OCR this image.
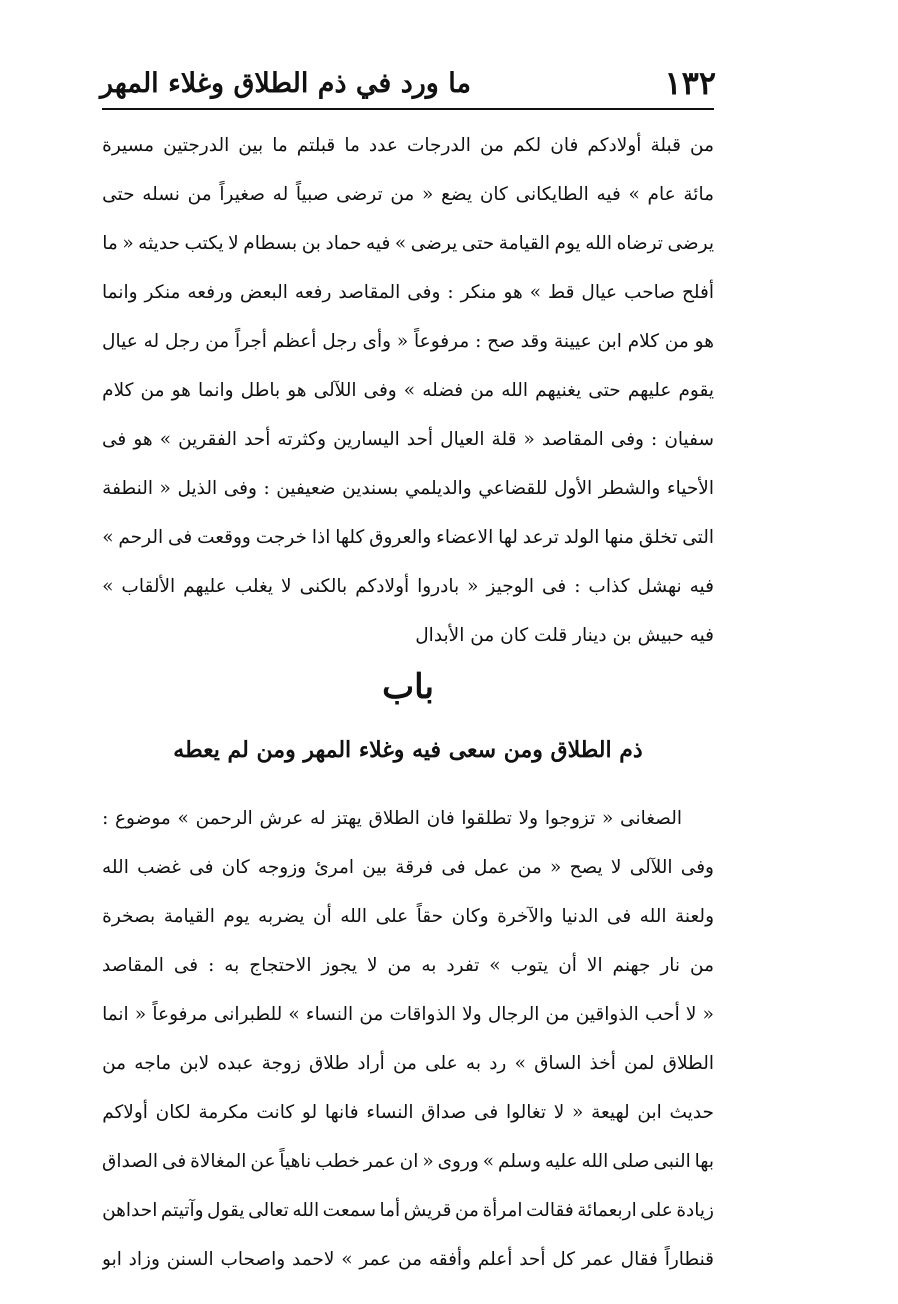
١٣٢
ما ورد في ذم الطلاق وغلاء المهر
من
قبلة
أولادكم
فان
لكم
من
الدرجات
عدد
ما
قبلتم
ما
بين
الدرجتين
مسيرة
مائة
عام
»
فيه
الطايكانى
كان
يضع
«
من
ترضى
صبياً
له
صغيراً
من
نسله
حتى
يرضى
ترضاه
الله
يوم
القيامة
حتى
يرضى
»
فيه
حماد
بن
بسطام
لا
يكتب
حديثه
«
ما
أفلح
صاحب
عيال
قط
»
هو
منكر
:
وفى
المقاصد
رفعه
البعض
ورفعه
منكر
وانما
هو
من
كلام
ابن
عيينة
وقد
صح
:
مرفوعاً
«
وأى
رجل
أعظم
أجراً
من
رجل
له
عيال
يقوم
عليهم
حتى
يغنيهم
الله
من
فضله
»
وفى
اللآلى
هو
باطل
وانما
هو
من
كلام
سفيان
:
وفى
المقاصد
«
قلة
العيال
أحد
اليسارين
وكثرته
أحد
الفقرين
»
هو
فى
الأحياء
والشطر
الأول
للقضاعي
والديلمي
بسندين
ضعيفين
:
وفى
الذيل
«
النطفة
التى
تخلق
منها
الولد
ترعد
لها
الاعضاء
والعروق
كلها
اذا
خرجت
ووقعت
فى
الرحم
»
فيه
نهشل
كذاب
:
فى
الوجيز
«
بادروا
أولادكم
بالكنى
لا
يغلب
عليهم
الألقاب
»
فيه حبيش بن دينار قلت كان من الأبدال
باب
ذم الطلاق ومن سعى فيه وغلاء المهر ومن لم يعطه
الصغانى
«
تزوجوا
ولا
تطلقوا
فان
الطلاق
يهتز
له
عرش
الرحمن
»
موضوع
:
وفى
اللآلى
لا
يصح
«
من
عمل
فى
فرقة
بين
امرئ
وزوجه
كان
فى
غضب
الله
ولعنة
الله
فى
الدنيا
والآخرة
وكان
حقاً
على
الله
أن
يضربه
يوم
القيامة
بصخرة
من
نار
جهنم
الا
أن
يتوب
»
تفرد
به
من
لا
يجوز
الاحتجاج
به
:
فى
المقاصد
«
لا
أحب
الذواقين
من
الرجال
ولا
الذواقات
من
النساء
»
للطبرانى
مرفوعاً
«
انما
الطلاق
لمن
أخذ
الساق
»
رد
به
على
من
أراد
طلاق
زوجة
عبده
لابن
ماجه
من
حديث
ابن
لهيعة
«
لا
تغالوا
فى
صداق
النساء
فانها
لو
كانت
مكرمة
لكان
أولاكم
بها
النبى
صلى
الله
عليه
وسلم
»
وروى
«
ان
عمر
خطب
ناهياً
عن
المغالاة
فى
الصداق
زيادة
على
اربعمائة
فقالت
امرأة
من
قريش
أما
سمعت
الله
تعالى
يقول
وآتيتم
احداهن
قنطاراً
فقال
عمر
كل
أحد
أعلم
وأفقه
من
عمر
»
لاحمد
واصحاب
السنن
وزاد
ابو
